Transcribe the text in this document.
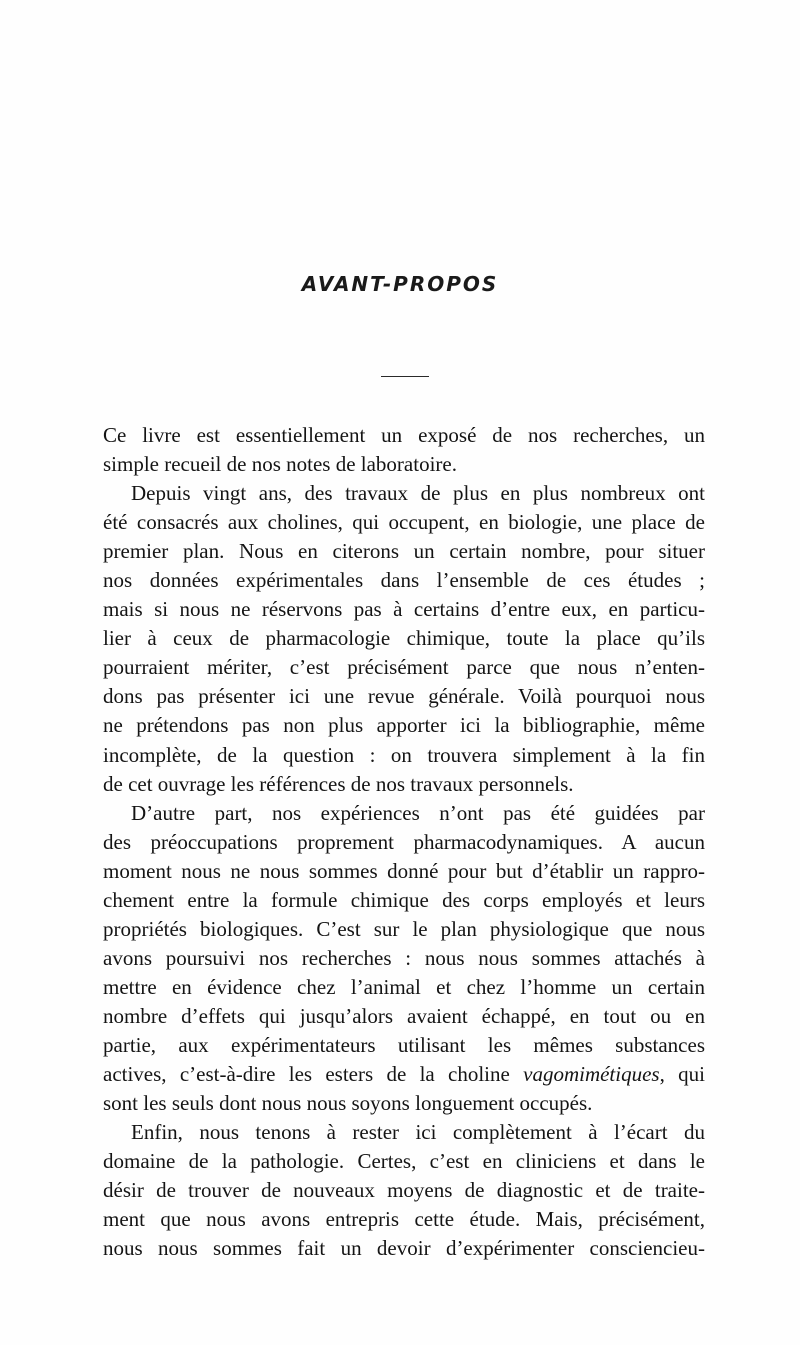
AVANT-PROPOS
Ce livre est essentiellement un exposé de nos recherches, un
simple recueil de nos notes de laboratoire.
Depuis vingt ans, des travaux de plus en plus nombreux ont
été consacrés aux cholines, qui occupent, en biologie, une place de
premier plan. Nous en citerons un certain nombre, pour situer
nos données expérimentales dans l’ensemble de ces études ;
mais si nous ne réservons pas à certains d’entre eux, en particu-
lier à ceux de pharmacologie chimique, toute la place qu’ils
pourraient mériter, c’est précisément parce que nous n’enten-
dons pas présenter ici une revue générale. Voilà pourquoi nous
ne prétendons pas non plus apporter ici la bibliographie, même
incomplète, de la question : on trouvera simplement à la fin
de cet ouvrage les références de nos travaux personnels.
D’autre part, nos expériences n’ont pas été guidées par
des préoccupations proprement pharmacodynamiques. A aucun
moment nous ne nous sommes donné pour but d’établir un rappro-
chement entre la formule chimique des corps employés et leurs
propriétés biologiques. C’est sur le plan physiologique que nous
avons poursuivi nos recherches : nous nous sommes attachés à
mettre en évidence chez l’animal et chez l’homme un certain
nombre d’effets qui jusqu’alors avaient échappé, en tout ou en
partie, aux expérimentateurs utilisant les mêmes substances
actives, c’est-à-dire les esters de la choline vagomimétiques, qui
sont les seuls dont nous nous soyons longuement occupés.
Enfin, nous tenons à rester ici complètement à l’écart du
domaine de la pathologie. Certes, c’est en cliniciens et dans le
désir de trouver de nouveaux moyens de diagnostic et de traite-
ment que nous avons entrepris cette étude. Mais, précisément,
nous nous sommes fait un devoir d’expérimenter consciencieu-
